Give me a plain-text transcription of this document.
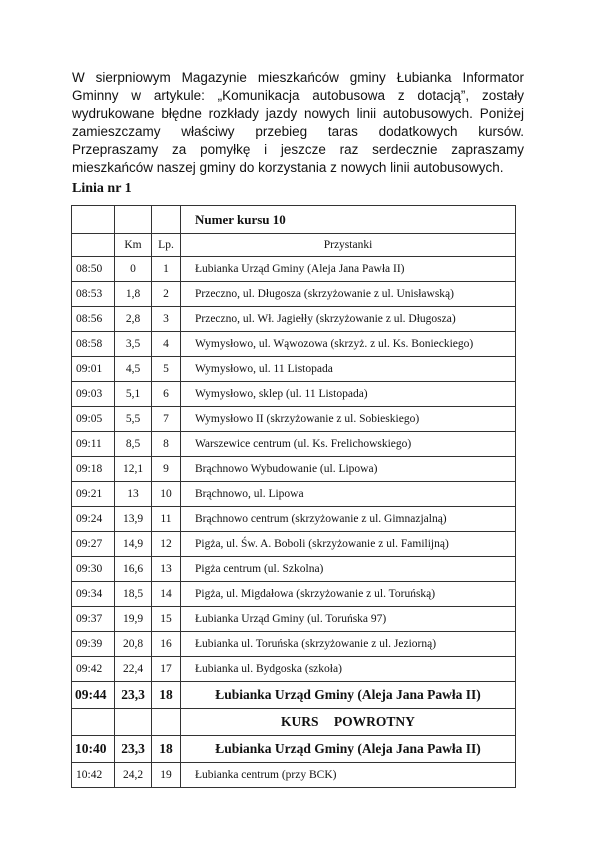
W sierpniowym Magazynie mieszkańców gminy Łubianka Informator
Gminny w artykule: „Komunikacja autobusowa z dotacją”, zostały
wydrukowane błędne rozkłady jazdy nowych linii autobusowych. Poniżej
zamieszczamy właściwy przebieg taras dodatkowych kursów.
Przepraszamy za pomyłkę i jeszcze raz serdecznie zapraszamy
mieszkańców naszej gminy do korzystania z nowych linii autobusowych.
Linia nr 1
			Numer kursu 10
	Km	Lp.	Przystanki
08:50	0	1	Łubianka Urząd Gminy (Aleja Jana Pawła II)
08:53	1,8	2	Przeczno, ul. Długosza (skrzyżowanie z ul. Unisławską)
08:56	2,8	3	Przeczno, ul. Wł. Jagiełły (skrzyżowanie z ul. Długosza)
08:58	3,5	4	Wymysłowo, ul. Wąwozowa (skrzyż. z ul. Ks. Bonieckiego)
09:01	4,5	5	Wymysłowo, ul. 11 Listopada
09:03	5,1	6	Wymysłowo, sklep (ul. 11 Listopada)
09:05	5,5	7	Wymysłowo II (skrzyżowanie z ul. Sobieskiego)
09:11	8,5	8	Warszewice centrum (ul. Ks. Frelichowskiego)
09:18	12,1	9	Brąchnowo Wybudowanie (ul. Lipowa)
09:21	13	10	Brąchnowo, ul. Lipowa
09:24	13,9	11	Brąchnowo centrum (skrzyżowanie z ul. Gimnazjalną)
09:27	14,9	12	Pigża, ul. Św. A. Boboli (skrzyżowanie z ul. Familijną)
09:30	16,6	13	Pigża centrum (ul. Szkolna)
09:34	18,5	14	Pigża, ul. Migdałowa (skrzyżowanie z ul. Toruńską)
09:37	19,9	15	Łubianka Urząd Gminy (ul. Toruńska 97)
09:39	20,8	16	Łubianka ul. Toruńska (skrzyżowanie z ul. Jeziorną)
09:42	22,4	17	Łubianka ul. Bydgoska (szkoła)
09:44	23,3	18	Łubianka Urząd Gminy (Aleja Jana Pawła II)
			KURS POWROTNY
10:40	23,3	18	Łubianka Urząd Gminy (Aleja Jana Pawła II)
10:42	24,2	19	Łubianka centrum (przy BCK)
